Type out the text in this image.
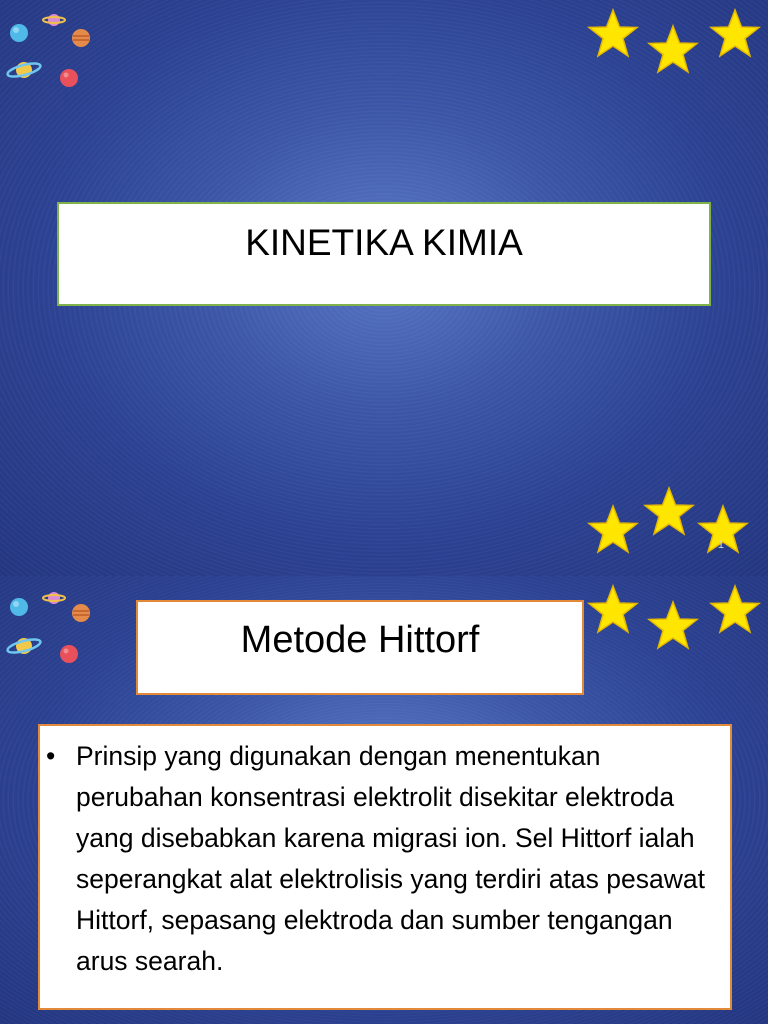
KINETIKA KIMIA
1
Metode Hittorf

• Prinsip yang digunakan dengan menentukan perubahan konsentrasi elektrolit disekitar elektroda yang disebabkan karena migrasi ion. Sel Hittorf ialah seperangkat alat elektrolisis yang terdiri atas pesawat Hittorf, sepasang elektroda dan sumber tengangan arus searah.
